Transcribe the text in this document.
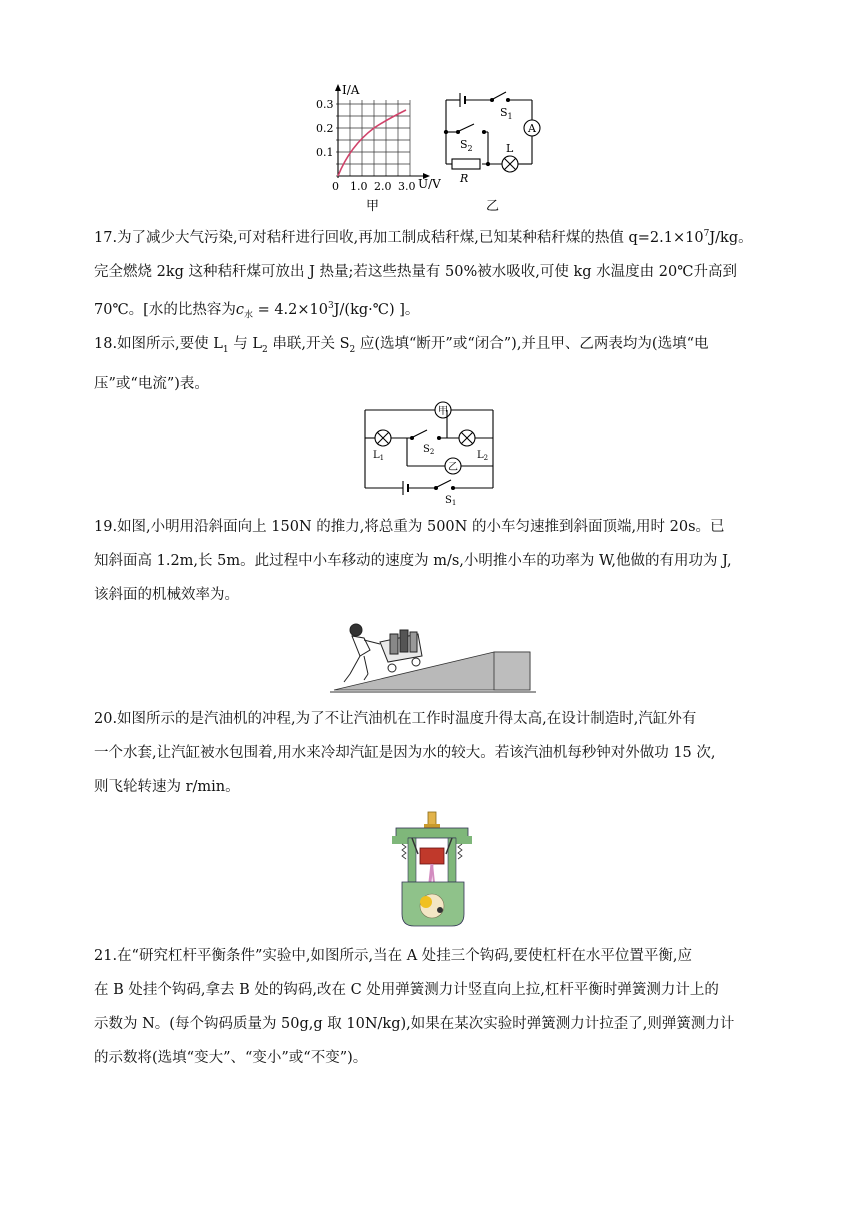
I/A
0.3
0.2
0.1
0 1.0 2.0 3.0 U/V
甲
$S_1$
A
$S_2$	L
R
乙

17.为了减少大气污染,可对秸秆进行回收,再加工制成秸秆煤,已知某种秸秆煤的热值 $q=2.1\times 10^7J/kg$。

完全燃烧 2kg 这种秸秆煤可放出 J 热量;若这些热量有 50%被水吸收,可使 kg 水温度由 20℃升高到

70℃。[水的比热容为$c_水$ = $4.2\times 10^3J/(kg\cdot℃)$ ]。

18.如图所示,要使 $L_1$ 与 $L_2$ 串联,开关 $S_2$ 应(选填“断开”或“闭合”),并且甲、乙两表均为(选填“电

压”或“电流”)表。

甲
乙
$L_1$	$L_2$
$S_2$
$S_1$

19.如图,小明用沿斜面向上 150N 的推力,将总重为 500N 的小车匀速推到斜面顶端,用时 20s。已

知斜面高 1.2m,长 5m。此过程中小车移动的速度为 m/s,小明推小车的功率为 W,他做的有用功为 J,

该斜面的机械效率为。

20.如图所示的是汽油机的冲程,为了不让汽油机在工作时温度升得太高,在设计制造时,汽缸外有

一个水套,让汽缸被水包围着,用水来冷却汽缸是因为水的较大。若该汽油机每秒钟对外做功 15 次,

则飞轮转速为 r/min。

21.在“研究杠杆平衡条件”实验中,如图所示,当在 A 处挂三个钩码,要使杠杆在水平位置平衡,应

在 B 处挂个钩码,拿去 B 处的钩码,改在 C 处用弹簧测力计竖直向上拉,杠杆平衡时弹簧测力计上的

示数为 N。(每个钩码质量为 50g,g 取 10N/kg),如果在某次实验时弹簧测力计拉歪了,则弹簧测力计

的示数将(选填“变大”、“变小”或“不变”)。
